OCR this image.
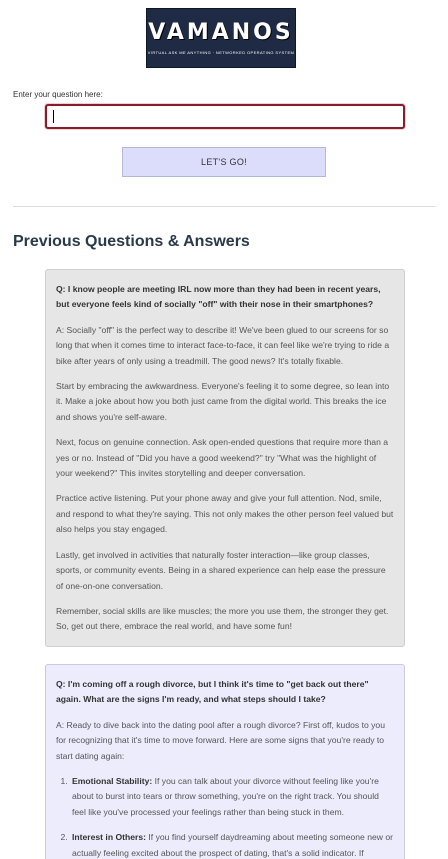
VAMANOS
VIRTUAL ASK ME ANYTHING · NETWORKED OPERATING SYSTEM
Enter your question here:
LET'S GO!
Previous Questions & Answers

Q: I know people are meeting IRL now more than they had been in recent years, but everyone feels kind of socially "off" with their nose in their smartphones?

A: Socially "off" is the perfect way to describe it! We've been glued to our screens for so long that when it comes time to interact face-to-face, it can feel like we're trying to ride a bike after years of only using a treadmill. The good news? It's totally fixable.

Start by embracing the awkwardness. Everyone's feeling it to some degree, so lean into it. Make a joke about how you both just came from the digital world. This breaks the ice and shows you're self-aware.

Next, focus on genuine connection. Ask open-ended questions that require more than a yes or no. Instead of "Did you have a good weekend?" try "What was the highlight of your weekend?" This invites storytelling and deeper conversation.

Practice active listening. Put your phone away and give your full attention. Nod, smile, and respond to what they're saying. This not only makes the other person feel valued but also helps you stay engaged.

Lastly, get involved in activities that naturally foster interaction—like group classes, sports, or community events. Being in a shared experience can help ease the pressure of one-on-one conversation.

Remember, social skills are like muscles; the more you use them, the stronger they get. So, get out there, embrace the real world, and have some fun!

Q: I'm coming off a rough divorce, but I think it's time to "get back out there" again. What are the signs I'm ready, and what steps should I take?

A: Ready to dive back into the dating pool after a rough divorce? First off, kudos to you for recognizing that it's time to move forward. Here are some signs that you're ready to start dating again:

1. Emotional Stability: If you can talk about your divorce without feeling like you're about to burst into tears or throw something, you're on the right track. You should feel like you've processed your feelings rather than being stuck in them.
2. Interest in Others: If you find yourself daydreaming about meeting someone new or actually feeling excited about the prospect of dating, that's a solid indicator. If
